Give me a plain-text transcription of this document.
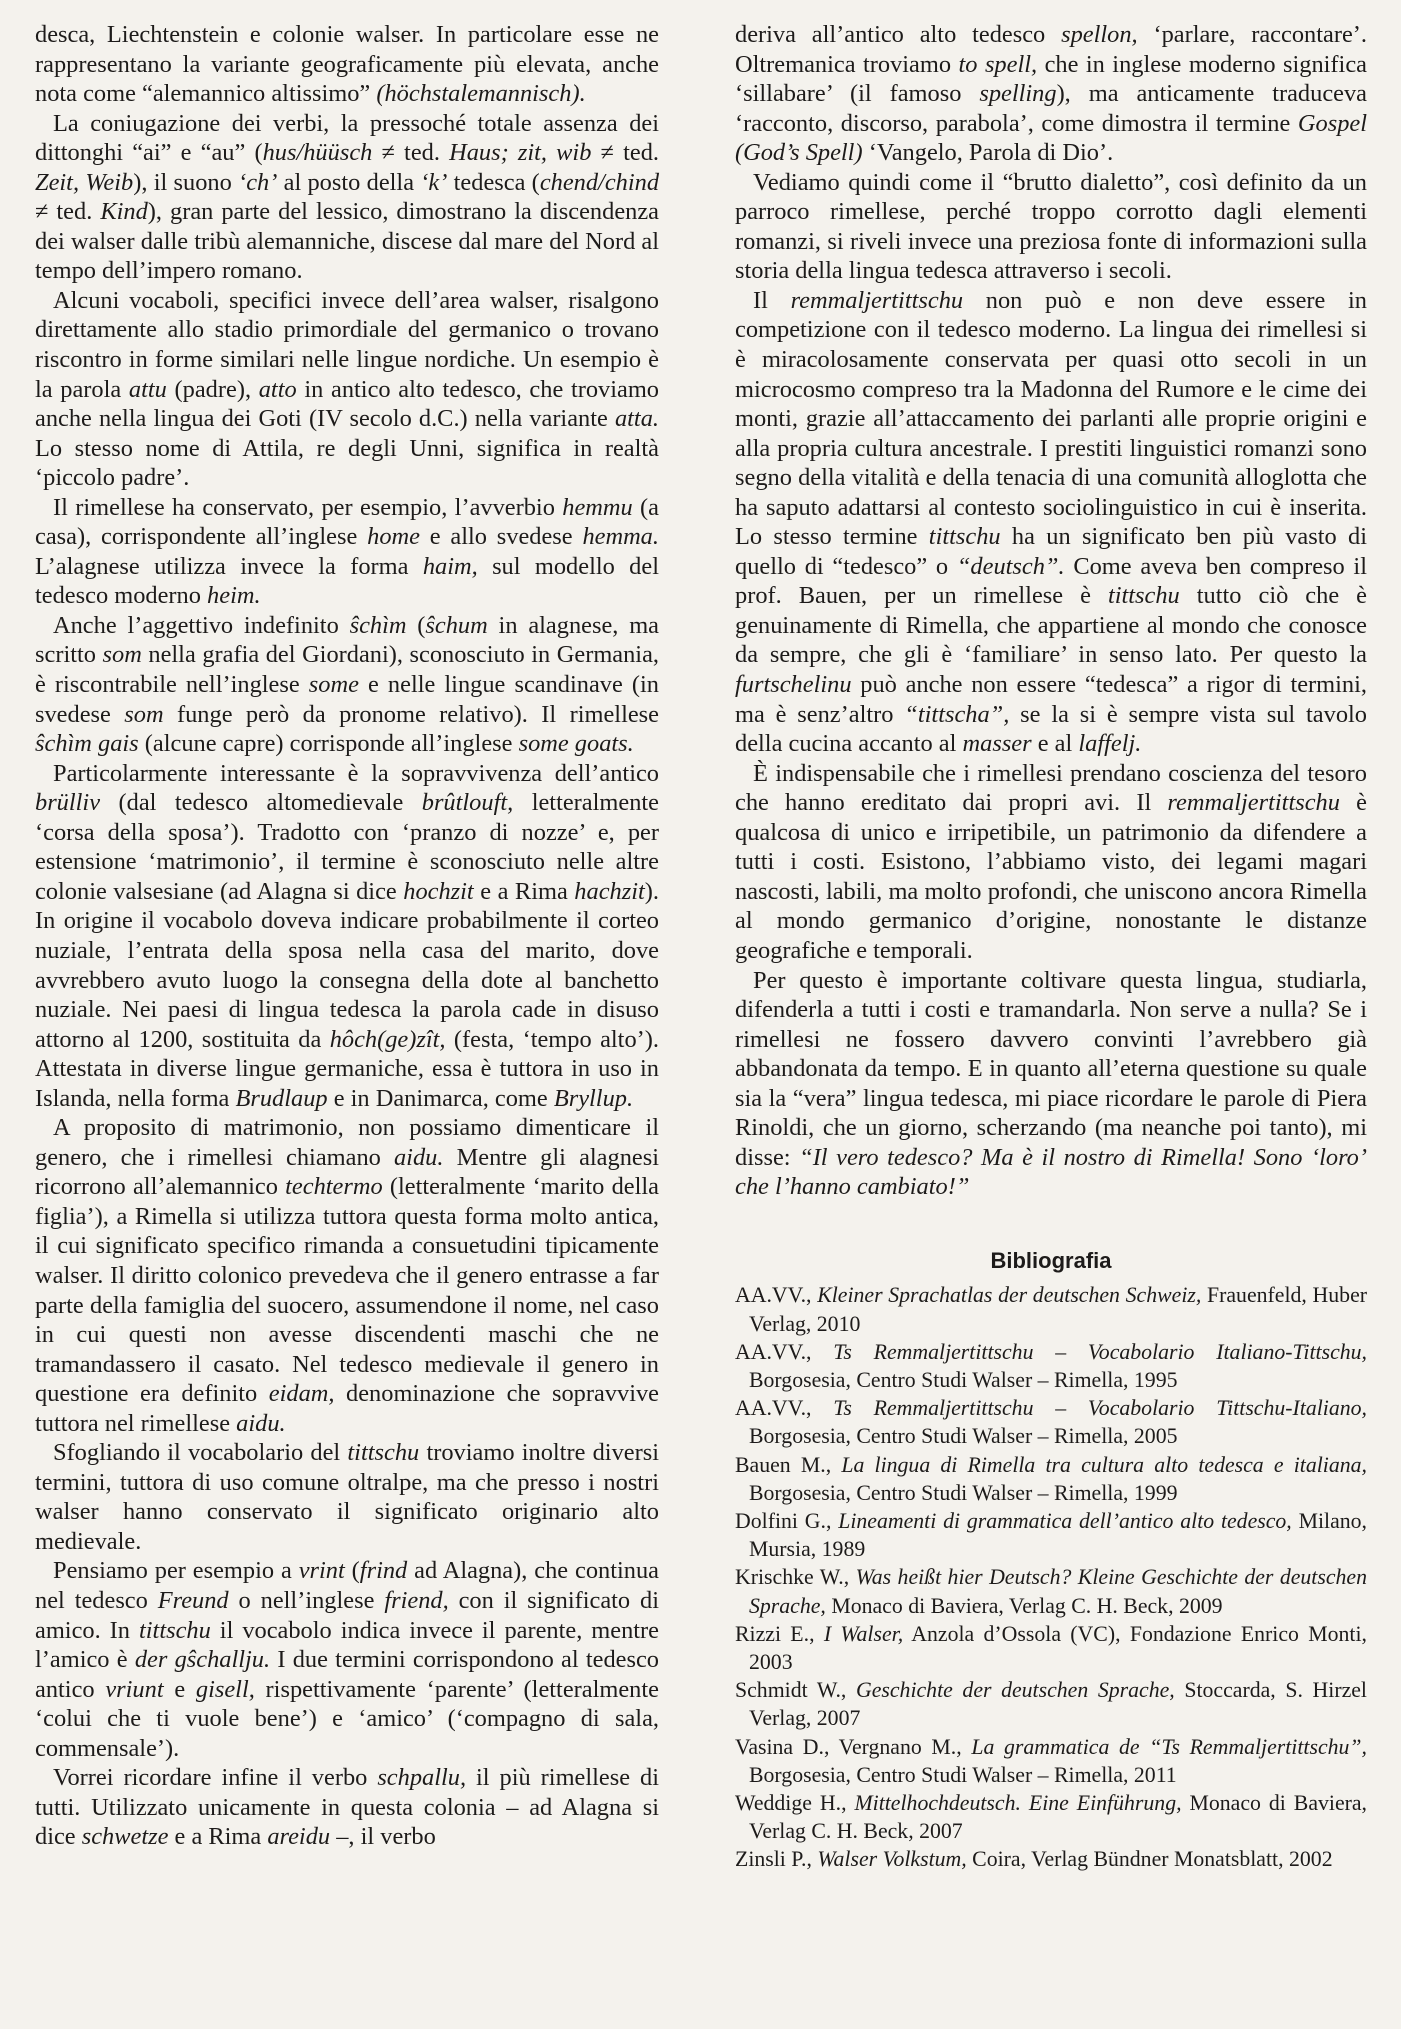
desca, Liechtenstein e colonie walser. In particolare esse ne rappresentano la variante geograficamente più elevata, anche nota come “alemannico altissimo” (höchstalemannisch).

La coniugazione dei verbi, la pressoché totale assenza dei dittonghi “ai” e “au” (hus/hüüsch ≠ ted. Haus; zit, wib ≠ ted. Zeit, Weib), il suono ‘ch’ al posto della ‘k’ tedesca (chend/chind ≠ ted. Kind), gran parte del lessico, dimostrano la discendenza dei walser dalle tribù alemanniche, discese dal mare del Nord al tempo dell’impero romano.

Alcuni vocaboli, specifici invece dell’area walser, risalgono direttamente allo stadio primordiale del germanico o trovano riscontro in forme similari nelle lingue nordiche. Un esempio è la parola attu (padre), atto in antico alto tedesco, che troviamo anche nella lingua dei Goti (IV secolo d.C.) nella variante atta. Lo stesso nome di Attila, re degli Unni, significa in realtà ‘piccolo padre’.

Il rimellese ha conservato, per esempio, l’avverbio hemmu (a casa), corrispondente all’inglese home e allo svedese hemma. L’alagnese utilizza invece la forma haim, sul modello del tedesco moderno heim.

Anche l’aggettivo indefinito ŝchìm (ŝchum in alagnese, ma scritto som nella grafia del Giordani), sconosciuto in Germania, è riscontrabile nell’inglese some e nelle lingue scandinave (in svedese som funge però da pronome relativo). Il rimellese ŝchìm gais (alcune capre) corrisponde all’inglese some goats.

Particolarmente interessante è la sopravvivenza dell’antico brülliv (dal tedesco altomedievale brûtlouft, letteralmente ‘corsa della sposa’). Tradotto con ‘pranzo di nozze’ e, per estensione ‘matrimonio’, il termine è sconosciuto nelle altre colonie valsesiane (ad Alagna si dice hochzit e a Rima hachzit). In origine il vocabolo doveva indicare probabilmente il corteo nuziale, l’entrata della sposa nella casa del marito, dove avvrebbero avuto luogo la consegna della dote al banchetto nuziale. Nei paesi di lingua tedesca la parola cade in disuso attorno al 1200, sostituita da hôch(ge)zît, (festa, ‘tempo alto’). Attestata in diverse lingue germaniche, essa è tuttora in uso in Islanda, nella forma Brudlaup e in Danimarca, come Bryllup.

A proposito di matrimonio, non possiamo dimenticare il genero, che i rimellesi chiamano aidu. Mentre gli alagnesi ricorrono all’alemannico techtermo (letteralmente ‘marito della figlia’), a Rimella si utilizza tuttora questa forma molto antica, il cui significato specifico rimanda a consuetudini tipicamente walser. Il diritto colonico prevedeva che il genero entrasse a far parte della famiglia del suocero, assumendone il nome, nel caso in cui questi non avesse discendenti maschi che ne tramandassero il casato. Nel tedesco medievale il genero in questione era definito eidam, denominazione che sopravvive tuttora nel rimellese aidu.

Sfogliando il vocabolario del tittschu troviamo inoltre diversi termini, tuttora di uso comune oltralpe, ma che presso i nostri walser hanno conservato il significato originario alto medievale.

Pensiamo per esempio a vrint (frind ad Alagna), che continua nel tedesco Freund o nell’inglese friend, con il significato di amico. In tittschu il vocabolo indica invece il parente, mentre l’amico è der gŝchallju. I due termini corrispondono al tedesco antico vriunt e gisell, rispettivamente ‘parente’ (letteralmente ‘colui che ti vuole bene’) e ‘amico’ (‘compagno di sala, commensale’).

Vorrei ricordare infine il verbo schpallu, il più rimellese di tutti. Utilizzato unicamente in questa colonia – ad Alagna si dice schwetze e a Rima areidu –, il verbo

deriva all’antico alto tedesco spellon, ‘parlare, raccontare’. Oltremanica troviamo to spell, che in inglese moderno significa ‘sillabare’ (il famoso spelling), ma anticamente traduceva ‘racconto, discorso, parabola’, come dimostra il termine Gospel (God’s Spell) ‘Vangelo, Parola di Dio’.

Vediamo quindi come il “brutto dialetto”, così definito da un parroco rimellese, perché troppo corrotto dagli elementi romanzi, si riveli invece una preziosa fonte di informazioni sulla storia della lingua tedesca attraverso i secoli.

Il remmaljertittschu non può e non deve essere in competizione con il tedesco moderno. La lingua dei rimellesi si è miracolosamente conservata per quasi otto secoli in un microcosmo compreso tra la Madonna del Rumore e le cime dei monti, grazie all’attaccamento dei parlanti alle proprie origini e alla propria cultura ancestrale. I prestiti linguistici romanzi sono segno della vitalità e della tenacia di una comunità alloglotta che ha saputo adattarsi al contesto sociolinguistico in cui è inserita. Lo stesso termine tittschu ha un significato ben più vasto di quello di “tedesco” o “deutsch”. Come aveva ben compreso il prof. Bauen, per un rimellese è tittschu tutto ciò che è genuinamente di Rimella, che appartiene al mondo che conosce da sempre, che gli è ‘familiare’ in senso lato. Per questo la furtschelinu può anche non essere “tedesca” a rigor di termini, ma è senz’altro “tittscha”, se la si è sempre vista sul tavolo della cucina accanto al masser e al laffelj.

È indispensabile che i rimellesi prendano coscienza del tesoro che hanno ereditato dai propri avi. Il remmaljertittschu è qualcosa di unico e irripetibile, un patrimonio da difendere a tutti i costi. Esistono, l’abbiamo visto, dei legami magari nascosti, labili, ma molto profondi, che uniscono ancora Rimella al mondo germanico d’origine, nonostante le distanze geografiche e temporali.

Per questo è importante coltivare questa lingua, studiarla, difenderla a tutti i costi e tramandarla. Non serve a nulla? Se i rimellesi ne fossero davvero convinti l’avrebbero già abbandonata da tempo. E in quanto all’eterna questione su quale sia la “vera” lingua tedesca, mi piace ricordare le parole di Piera Rinoldi, che un giorno, scherzando (ma neanche poi tanto), mi disse: “Il vero tedesco? Ma è il nostro di Rimella! Sono ‘loro’ che l’hanno cambiato!”

Bibliografia

AA.VV., Kleiner Sprachatlas der deutschen Schweiz, Frauenfeld, Huber Verlag, 2010

AA.VV., Ts Remmaljertittschu – Vocabolario Italiano-Tittschu, Borgosesia, Centro Studi Walser – Rimella, 1995

AA.VV., Ts Remmaljertittschu – Vocabolario Tittschu-Italiano, Borgosesia, Centro Studi Walser – Rimella, 2005

Bauen M., La lingua di Rimella tra cultura alto tedesca e italiana, Borgosesia, Centro Studi Walser – Rimella, 1999

Dolfini G., Lineamenti di grammatica dell’antico alto tedesco, Milano, Mursia, 1989

Krischke W., Was heißt hier Deutsch? Kleine Geschichte der deutschen Sprache, Monaco di Baviera, Verlag C. H. Beck, 2009

Rizzi E., I Walser, Anzola d’Ossola (VC), Fondazione Enrico Monti, 2003

Schmidt W., Geschichte der deutschen Sprache, Stoccarda, S. Hirzel Verlag, 2007

Vasina D., Vergnano M., La grammatica de “Ts Remmaljertittschu”, Borgosesia, Centro Studi Walser – Rimella, 2011

Weddige H., Mittelhochdeutsch. Eine Einführung, Monaco di Baviera, Verlag C. H. Beck, 2007

Zinsli P., Walser Volkstum, Coira, Verlag Bündner Monatsblatt, 2002
